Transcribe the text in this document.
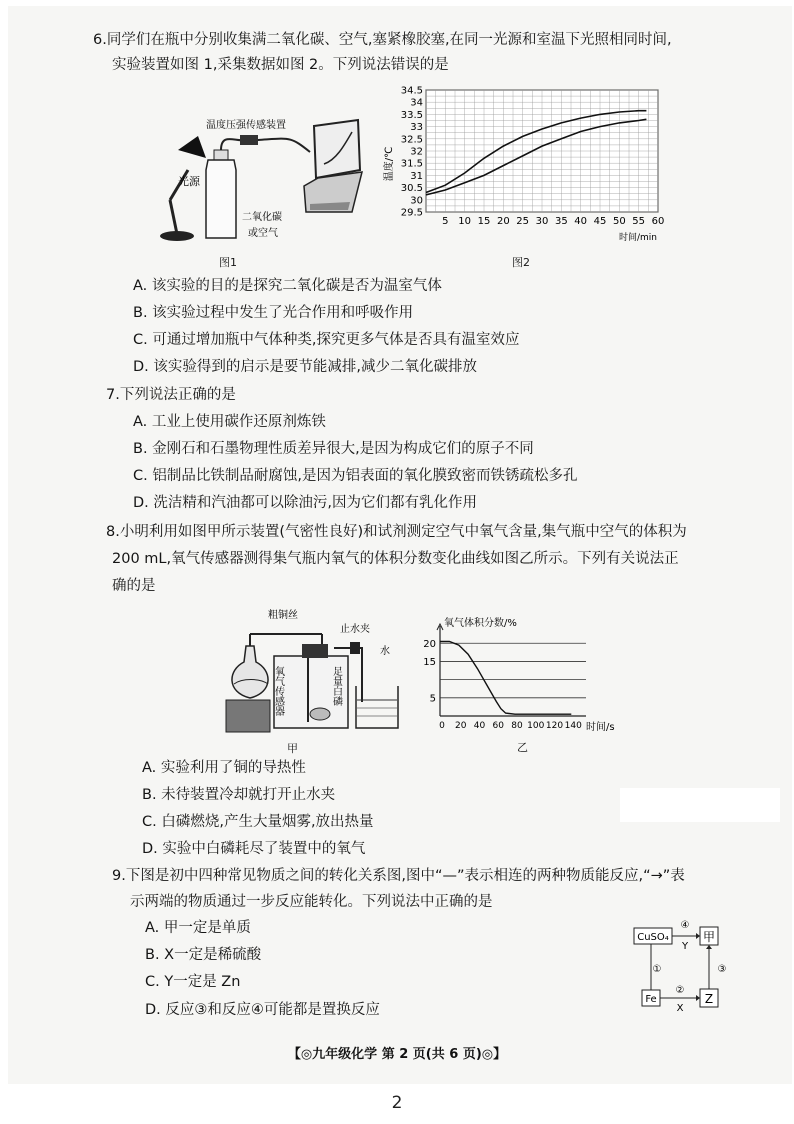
6.同学们在瓶中分别收集满二氧化碳、空气,塞紧橡胶塞,在同一光源和室温下光照相同时间,
实验装置如图 1,采集数据如图 2。下列说法错误的是
温度压强传感装置
光源
二氧化碳
或空气
图1
温度/℃
时间/min
29.5
30
30.5
31
31.5
32
32.5
33
33.5
34
34.5
5 10 15 20 25 30 35 40 45 50 55 60
图2
A. 该实验的目的是探究二氧化碳是否为温室气体
B. 该实验过程中发生了光合作用和呼吸作用
C. 可通过增加瓶中气体种类,探究更多气体是否具有温室效应
D. 该实验得到的启示是要节能减排,减少二氧化碳排放
7.下列说法正确的是
A. 工业上使用碳作还原剂炼铁
B. 金刚石和石墨物理性质差异很大,是因为构成它们的原子不同
C. 铝制品比铁制品耐腐蚀,是因为铝表面的氧化膜致密而铁锈疏松多孔
D. 洗洁精和汽油都可以除油污,因为它们都有乳化作用
8.小明利用如图甲所示装置(气密性良好)和试剂测定空气中氧气含量,集气瓶中空气的体积为
200 mL,氧气传感器测得集气瓶内氧气的体积分数变化曲线如图乙所示。下列有关说法正
确的是
粗铜丝
止水夹
水
氧气传感器	足量白磷
甲
氧气体积分数/%
时间/s
5
15
20
0 20 40 60 80 100 120 140
乙
A. 实验利用了铜的导热性
B. 未待装置冷却就打开止水夹
C. 白磷燃烧,产生大量烟雾,放出热量
D. 实验中白磷耗尽了装置中的氧气
9.下图是初中四种常见物质之间的转化关系图,图中“—”表示相连的两种物质能反应,“→”表
示两端的物质通过一步反应能转化。下列说法中正确的是
A. 甲一定是单质
B. X一定是稀硫酸
C. Y一定是 Zn
D. 反应③和反应④可能都是置换反应
CuSO₄	甲
Fe	Z
④
Y
①
②
X
③
【◎九年级化学 第 2 页(共 6 页)◎】
2
